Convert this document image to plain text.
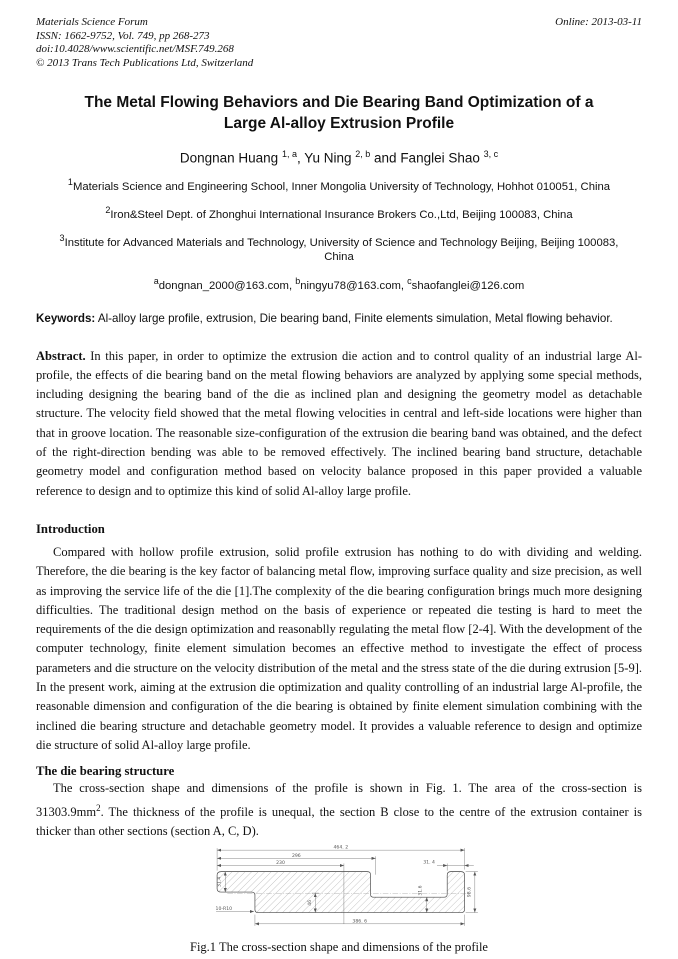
Materials Science Forum
ISSN: 1662-9752, Vol. 749, pp 268-273
doi:10.4028/www.scientific.net/MSF.749.268
© 2013 Trans Tech Publications Ltd, Switzerland
Online: 2013-03-11
The Metal Flowing Behaviors and Die Bearing Band Optimization of a Large Al-alloy Extrusion Profile
Dongnan Huang $^{1, a}$, Yu Ning $^{2, b}$ and Fanglei Shao $^{3, c}$
$^1$Materials Science and Engineering School, Inner Mongolia University of Technology, Hohhot 010051, China
$^2$Iron&Steel Dept. of Zhonghui International Insurance Brokers Co.,Ltd, Beijing 100083, China
$^3$Institute for Advanced Materials and Technology, University of Science and Technology Beijing, Beijing 100083, China
$^a$dongnan_2000@163.com, $^b$ningyu78@163.com, $^c$shaofanglei@126.com
Keywords: Al-alloy large profile, extrusion, Die bearing band, Finite elements simulation, Metal flowing behavior.
Abstract. In this paper, in order to optimize the extrusion die action and to control quality of an industrial large Al-profile, the effects of die bearing band on the metal flowing behaviors are analyzed by applying some special methods, including designing the bearing band of the die as inclined plan and designing the geometry model as detachable structure. The velocity field showed that the metal flowing velocities in central and left-side locations were higher than that in groove location. The reasonable size-configuration of the extrusion die bearing band was obtained, and the defect of the right-direction bending was able to be removed effectively. The inclined bearing band structure, detachable geometry model and configuration method based on velocity balance proposed in this paper provided a valuable reference to design and to optimize this kind of solid Al-alloy large profile.
Introduction
Compared with hollow profile extrusion, solid profile extrusion has nothing to do with dividing and welding. Therefore, the die bearing is the key factor of balancing metal flow, improving surface quality and size precision, as well as improving the service life of the die [1].The complexity of the die bearing configuration brings much more designing difficulties. The traditional design method on the basis of experience or repeated die testing is hard to meet the requirements of the die design optimization and reasonablly regulating the metal flow [2-4]. With the development of the computer technology, finite element simulation becomes an effective method to investigate the effect of process parameters and die structure on the velocity distribution of the metal and the stress state of the die during extrusion [5-9]. In the present work, aiming at the extrusion die optimization and quality controlling of an industrial large Al-profile, the reasonable dimension and configuration of the die bearing is obtained by finite element simulation combining with the inclined die bearing structure and detachable geometry model. It provides a valuable reference to design and optimize die structure of solid Al-alloy large profile.
The die bearing structure
The cross-section shape and dimensions of the profile is shown in Fig. 1. The area of the cross-section is $31303.9mm^2$. The thickness of the profile is unequal, the section B close to the centre of the extrusion container is thicker than other sections (section A, C, D).
464. 2
296
230	31. 4
31.4
46
31.6	98.6
386. 6
10-R10
Fig.1 The cross-section shape and dimensions of the profile
